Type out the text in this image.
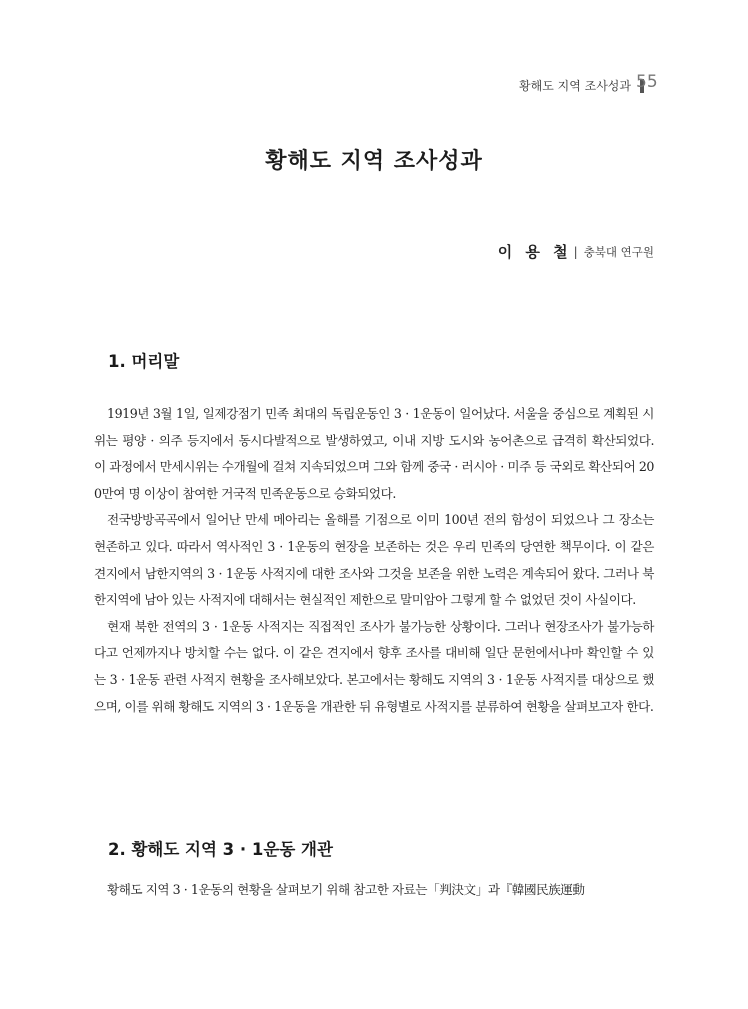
황해도 지역 조사성과 55
황해도 지역 조사성과
이 용 철 | 충북대 연구원
1. 머리말

1919년 3월 1일, 일제강점기 민족 최대의 독립운동인 3 · 1운동이 일어났다. 서울을 중심으로 계획된 시위는 평양 · 의주 등지에서 동시다발적으로 발생하였고, 이내 지방 도시와 농어촌으로 급격히 확산되었다. 이 과정에서 만세시위는 수개월에 걸쳐 지속되었으며 그와 함께 중국 · 러시아 · 미주 등 국외로 확산되어 200만여 명 이상이 참여한 거국적 민족운동으로 승화되었다.

전국방방곡곡에서 일어난 만세 메아리는 올해를 기점으로 이미 100년 전의 함성이 되었으나 그 장소는 현존하고 있다. 따라서 역사적인 3 · 1운동의 현장을 보존하는 것은 우리 민족의 당연한 책무이다. 이 같은 견지에서 남한지역의 3 · 1운동 사적지에 대한 조사와 그것을 보존을 위한 노력은 계속되어 왔다. 그러나 북한지역에 남아 있는 사적지에 대해서는 현실적인 제한으로 말미암아 그렇게 할 수 없었던 것이 사실이다.

현재 북한 전역의 3 · 1운동 사적지는 직접적인 조사가 불가능한 상황이다. 그러나 현장조사가 불가능하다고 언제까지나 방치할 수는 없다. 이 같은 견지에서 향후 조사를 대비해 일단 문헌에서나마 확인할 수 있는 3 · 1운동 관련 사적지 현황을 조사해보았다. 본고에서는 황해도 지역의 3 · 1운동 사적지를 대상으로 했으며, 이를 위해 황해도 지역의 3 · 1운동을 개관한 뒤 유형별로 사적지를 분류하여 현황을 살펴보고자 한다.

2. 황해도 지역 3 · 1운동 개관

황해도 지역 3 · 1운동의 현황을 살펴보기 위해 참고한 자료는「判決文」과『韓國民族運動
